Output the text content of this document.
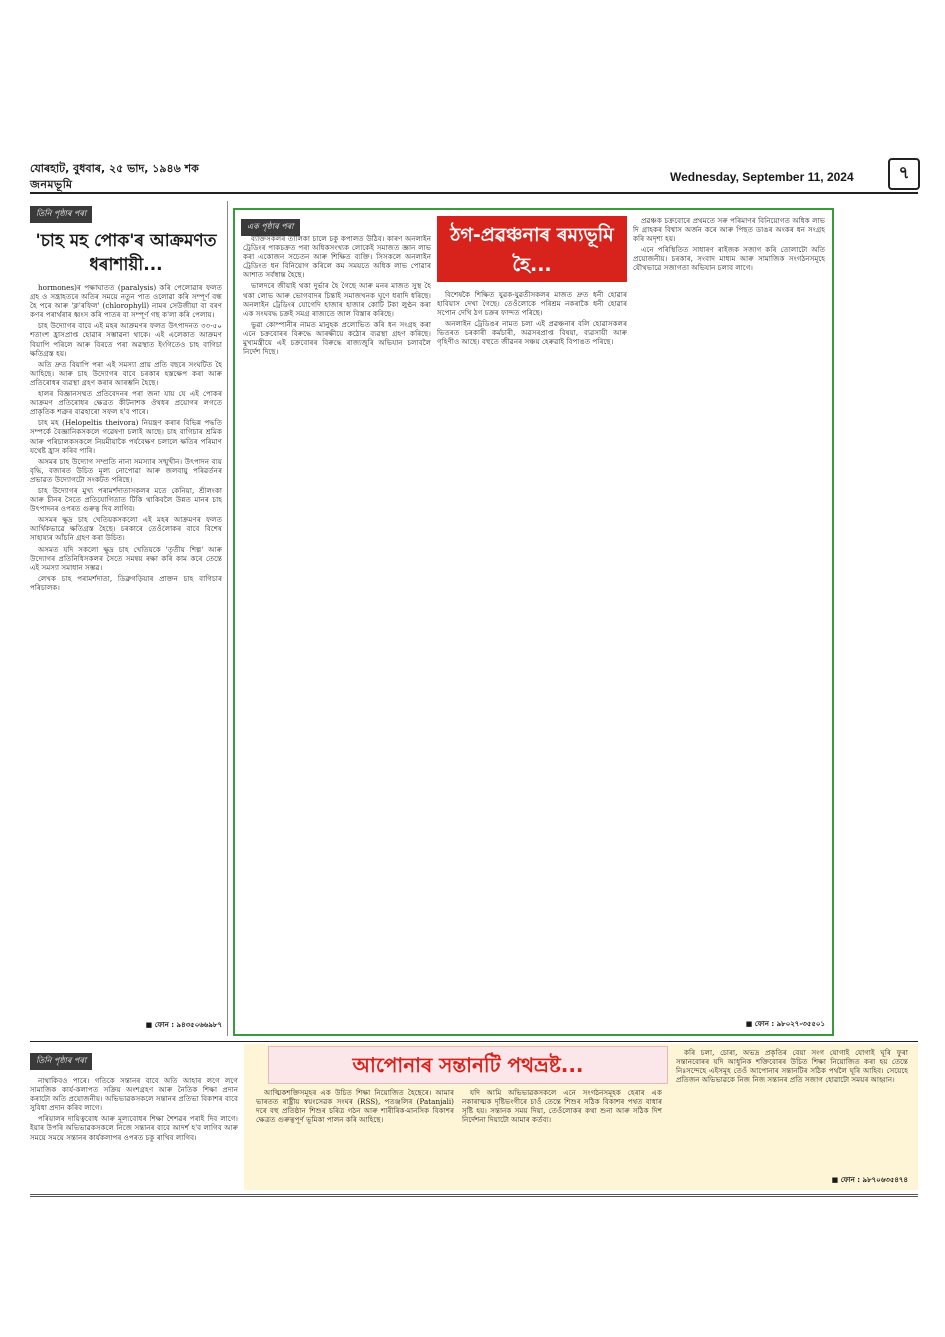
যোৰহাট, বুধবাৰ, ২৫ ভাদ, ১৯৪৬ শক
জনমভূমি
Wednesday, September 11, 2024	৭
তিনি পৃষ্ঠাৰ পৰা
'চাহ মহ পোক'ৰ আক্ৰমণত ধৰাশায়ী...

hormones)ৰ পক্ষাঘাতত (paralysis) কৰি পেলোৱাৰ ফলত গ্ৰহ ও সন্ত্ৰাহতৰে অতিৰ সময়ে নতুন পাত ওলোৱা কৰি সম্পূৰ্ণ বন্ধ হৈ পৰে আৰু 'ক্ল'ৰফিল' (chlorophyll) নামৰ সেউজীয়া বা বৰণ কণৰ পৰাৰ্থৰাৰ ধ্বংস কৰি পাতৰ বা সম্পূৰ্ণ গছ ক'লা কৰি পেলায়।

চাহ উদ্যোগৰ বাবে এই মহৰ আক্ৰমণৰ ফলত উৎপাদনত ৩৩-৫০ শতাংশ হ্ৰাসপ্ৰাপ্ত হোৱাৰ সম্ভাৱনা থাকে। এই এলেকাত আক্ৰমণ বিয়াপি পৰিলে আৰু বিৰতে পৰা অৱস্থাত ইংগিতেও চাহ বাগিচা ক্ষতিগ্ৰস্ত হয়।

অতি দ্ৰুত বিয়াপি পৰা এই সমস্যা প্ৰায় প্ৰতি বছৰে সংঘটিত হৈ আহিছে। আৰু চাহ উদ্যোগৰ বাবে চৰকাৰ হস্তক্ষেপ কৰা আৰু প্ৰতিৰোধৰ ব্যৱস্থা গ্ৰহণ কৰাৰ আৰম্ভনি হৈছে।

হালৰ বিজ্ঞানসম্মত প্ৰতিবেদনৰ পৰা জনা যায় যে এই পোকৰ আক্ৰমণ প্ৰতিৰোধৰ ক্ষেত্ৰত কীটনাশক ঔষধৰ প্ৰয়োগৰ লগতে প্ৰাকৃতিক শত্ৰুৰ ব্যৱহাৰো সফল হ'ব পাৰে।

চাহ মহ (Helopeltis theivora) নিয়ন্ত্ৰণ কৰাৰ বিভিন্ন পদ্ধতি সম্পৰ্কে বৈজ্ঞানিকসকলে গৱেষণা চলাই আছে। চাহ বাগিচাৰ শ্ৰমিক আৰু পৰিচালকসকলে নিয়মীয়াকৈ পৰ্যবেক্ষণ চলালে ক্ষতিৰ পৰিমাণ যথেষ্ট হ্ৰাস কৰিব পাৰি।

অসমৰ চাহ উদ্যোগ সম্প্ৰতি নানা সমস্যাৰ সন্মুখীন। উৎপাদন ব্যয় বৃদ্ধি, বজাৰত উচিত মূল্য নোপোৱা আৰু জলবায়ু পৰিৱৰ্তনৰ প্ৰভাৱত উদ্যোগটো সংকটত পৰিছে।

চাহ উদ্যোগৰ মুখ্য পৰামৰ্শদাতাসকলৰ মতে কেনিয়া, শ্ৰীলংকা আৰু চীনৰ সৈতে প্ৰতিযোগিতাত টিকি থাকিবলৈ উন্নত মানৰ চাহ উৎপাদনৰ ওপৰত গুৰুত্ব দিব লাগিব।

অসমৰ ক্ষুদ্ৰ চাহ খেতিয়কসকলো এই মহৰ আক্ৰমণৰ ফলত আৰ্থিকভাৱে ক্ষতিগ্ৰস্ত হৈছে। চৰকাৰে তেওঁলোকৰ বাবে বিশেষ সাহায্যৰ আঁচনি গ্ৰহণ কৰা উচিত।

অসমত যদি সকলো ক্ষুদ্ৰ চাহ খেতিয়কে 'তৃতীয় শিল্প' আৰু উদ্যোগৰ প্ৰতিনিধিসকলৰ সৈতে সমন্বয় ৰক্ষা কৰি কাম কৰে তেন্তে এই সমস্যা সমাধান সম্ভৱ।

লেখক চাহ পৰামৰ্শদাতা, ডিব্ৰুগড়িয়াৰ প্ৰাক্তন চাহ বাগিচাৰ পৰিচালক।

■ ফোন : ৯৪৩৫০৬৬৯৮৭
এক পৃষ্ঠাৰ পৰা

ব্যক্তিসকলৰ তালিকা চালে চকু কপালত উঠিব। কাৰণ অনলাইন ট্ৰেডিংৰ পাকচক্ৰত পৰা অধিকসংখ্যক লোকেই সমাজত জ্ঞান লাভ কৰা একোজন সচেতন আৰু শিক্ষিত ব্যক্তি। সিসকলে অনলাইন ট্ৰেডিংত ধন বিনিয়োগ কৰিলে কম সময়তে অধিক লাভ পোৱাৰ আশাত সৰ্বস্বান্ত হৈছে।

ভালদৰে জীয়াই থকা দুৰ্ভাৰ হৈ গৈছে আৰু মনৰ মাজত সুস্থ হৈ থকা লোভ আৰু ভোগবাদৰ চিন্তাই সমাজখনক ঘূণে ধৰাদি ধৰিছে। অনলাইন ট্ৰেডিংৰ যোগেদি হাজাৰ হাজাৰ কোটি টকা লুণ্ঠন কৰা এক সংঘবদ্ধ চক্ৰই সমগ্ৰ ৰাজ্যতে জাল বিস্তাৰ কৰিছে।

ভুৱা কোম্পানীৰ নামত মানুহক প্ৰলোভিত কৰি ধন সংগ্ৰহ কৰা এনে চক্ৰবোৰৰ বিৰুদ্ধে আৰক্ষীয়ে কঠোৰ ব্যৱস্থা গ্ৰহণ কৰিছে। মুখ্যমন্ত্ৰীয়ে এই চক্ৰবোৰৰ বিৰুদ্ধে ৰাজ্যজুৰি অভিযান চলাবলৈ নিৰ্দেশ দিছে।

ঠগ-প্ৰৱঞ্চনাৰ ৰম্যভূমি হৈ...

বিশেষকৈ শিক্ষিত যুৱক-যুৱতীসকলৰ মাজত দ্ৰুত ধনী হোৱাৰ হাবিয়াস দেখা গৈছে। তেওঁলোকে পৰিশ্ৰম নকৰাকৈ ধনী হোৱাৰ সপোন দেখি ঠগ চক্ৰৰ ফান্দত পৰিছে।

অনলাইন ট্ৰেডিঙৰ নামত চলা এই প্ৰৱঞ্চনাৰ বলি হোৱাসকলৰ ভিতৰত চৰকাৰী কৰ্মচাৰী, অৱসৰপ্ৰাপ্ত বিষয়া, ব্যৱসায়ী আৰু গৃহিণীও আছে। বহুতে জীৱনৰ সঞ্চয় হেৰুৱাই বিপাঙত পৰিছে।

প্ৰৱঞ্চক চক্ৰবোৰে প্ৰথমতে সৰু পৰিমাণৰ বিনিয়োগত অধিক লাভ দি গ্ৰাহকৰ বিশ্বাস অৰ্জন কৰে আৰু পিছত ডাঙৰ অংকৰ ধন সংগ্ৰহ কৰি অদৃশ্য হয়।

এনে পৰিস্থিতিত সাধাৰণ ৰাইজক সজাগ কৰি তোলাটো অতি প্ৰয়োজনীয়। চৰকাৰ, সংবাদ মাধ্যম আৰু সামাজিক সংগঠনসমূহে যৌথভাৱে সজাগতা অভিযান চলাব লাগে।

■ ফোন : ৯৮০২৭-৩৫৫০১
তিনি পৃষ্ঠাৰ পৰা

নাথাকিবও পাৰে। গতিকে সন্তানৰ বাবে অতি আহাৰ লগে লগে সামাজিক কাৰ্য-কলাপত সক্ৰিয় অংশগ্ৰহণ আৰু নৈতিক শিক্ষা প্ৰদান কৰাটো অতি প্ৰয়োজনীয়। অভিভাৱকসকলে সন্তানৰ প্ৰতিভা বিকাশৰ বাবে সুবিধা প্ৰদান কৰিব লাগে।

পৰিয়ালৰ দায়িত্ববোধ আৰু মূল্যবোধৰ শিক্ষা শৈশৱৰ পৰাই দিব লাগে। ইয়াৰ উপৰি অভিভাৱকসকলে নিজে সন্তানৰ বাবে আদৰ্শ হ'ব লাগিব আৰু সময়ে সময়ে সন্তানৰ কাৰ্যকলাপৰ ওপৰত চকু ৰাখিব লাগিব।

আপোনাৰ সন্তানটি পথভ্ৰষ্ট...

আত্মিকশক্তিসমূহৰ এক উচিত শিক্ষা নিয়োজিত হৈছেৰে। আমাৰ ভাৰতত ৰাষ্ট্ৰীয় স্বয়ংসেৱক সংঘৰ (RSS), পতঞ্জলিৰ (Patanjali) দৰে বহু প্ৰতিষ্ঠান শিশুৰ চৰিত্ৰ গঠন আৰু শাৰীৰিক-মানসিক বিকাশৰ ক্ষেত্ৰত গুৰুত্বপূৰ্ণ ভূমিকা পালন কৰি আহিছে।

যদি আমি অভিভাৱকসকলে এনে সংগঠনসমূহক হেৰাৰ এক নকাৰাত্মক দৃষ্টিভংগীৰে চাওঁ তেন্তে শিশুৰ সঠিক বিকাশৰ পথত বাধাৰ সৃষ্টি হয়। সন্তানক সময় দিয়া, তেওঁলোকৰ কথা শুনা আৰু সঠিক দিশ নিৰ্দেশনা দিয়াটো আমাৰ কৰ্তব্য।

কৰি চলা, চোৰা, অভদ্ৰ প্ৰকৃতিৰ বেয়া সংগ যোগাই যোগাই ঘূৰি ফুৰা সন্তানবোৰৰ যদি আধুনিক শক্তিবোৰৰ উচিত শিক্ষা নিয়োজিত কৰা হয় তেন্তে নিঃসন্দেহে এইসমূহ তেওঁ আপোনাৰ সন্তানটিৰ সঠিক পথলৈ ঘূৰি আহিব। সেয়েহে প্ৰতিজন অভিভাৱকে নিজ নিজ সন্তানৰ প্ৰতি সজাগ হোৱাটো সময়ৰ আহ্বান।

■ ফোন : ৯৮৭০৬৩৫৪৭৪
